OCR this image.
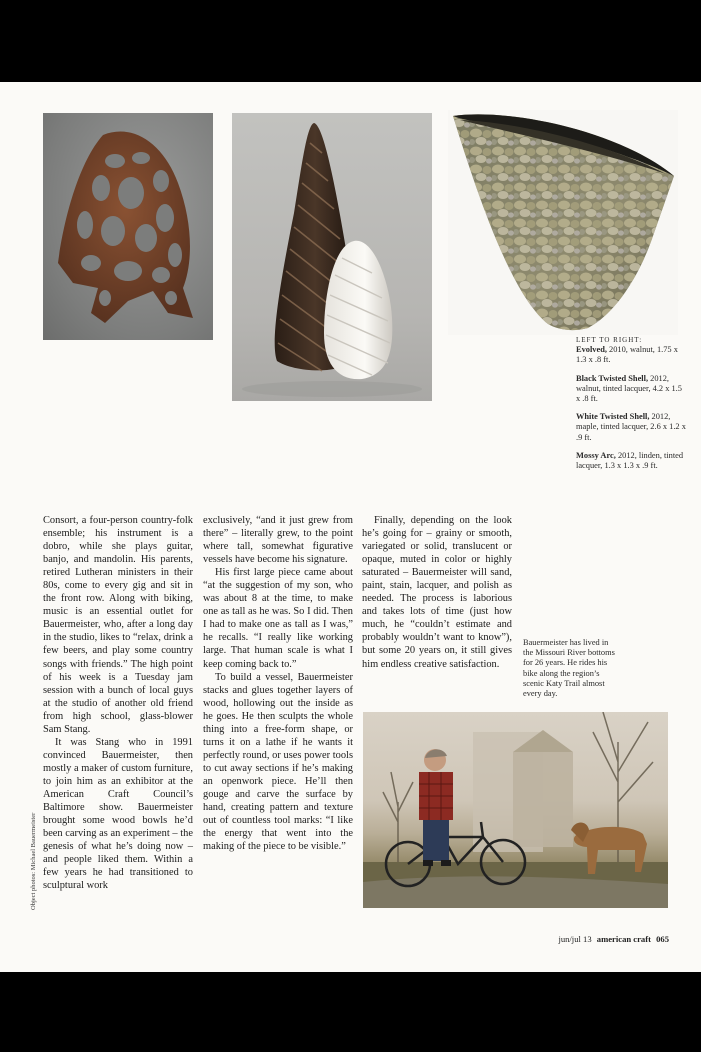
LEFT TO RIGHT:
Evolved, 2010, walnut, 1.75 x 1.3 x .8 ft.
Black Twisted Shell, 2012, walnut, tinted lacquer, 4.2 x 1.5 x .8 ft.
White Twisted Shell, 2012, maple, tinted lacquer, 2.6 x 1.2 x .9 ft.
Mossy Arc, 2012, linden, tinted lacquer, 1.3 x 1.3 x .9 ft.

Consort, a four-person country-folk ensemble; his instrument is a dobro, while she plays guitar, banjo, and mandolin. His parents, retired Lutheran ministers in their 80s, come to every gig and sit in the front row. Along with biking, music is an essential outlet for Bauermeister, who, after a long day in the studio, likes to “relax, drink a few beers, and play some country songs with friends.” The high point of his week is a Tuesday jam session with a bunch of local guys at the studio of another old friend from high school, glass-blower Sam Stang.

It was Stang who in 1991 convinced Bauermeister, then mostly a maker of custom furniture, to join him as an exhibitor at the American Craft Council’s Baltimore show. Bauermeister brought some wood bowls he’d been carving as an experiment – the genesis of what he’s doing now – and people liked them. Within a few years he had transitioned to sculptural work

exclusively, “and it just grew from there” – literally grew, to the point where tall, somewhat figurative vessels have become his signature.

His first large piece came about “at the suggestion of my son, who was about 8 at the time, to make one as tall as he was. So I did. Then I had to make one as tall as I was,” he recalls. “I really like working large. That human scale is what I keep coming back to.”

To build a vessel, Bauermeister stacks and glues together layers of wood, hollowing out the inside as he goes. He then sculpts the whole thing into a free-form shape, or turns it on a lathe if he wants it perfectly round, or uses power tools to cut away sections if he’s making an openwork piece. He’ll then gouge and carve the surface by hand, creating pattern and texture out of countless tool marks: “I like the energy that went into the making of the piece to be visible.”

Finally, depending on the look he’s going for – grainy or smooth, variegated or solid, translucent or opaque, muted in color or highly saturated – Bauermeister will sand, paint, stain, lacquer, and polish as needed. The process is laborious and takes lots of time (just how much, he “couldn’t estimate and probably wouldn’t want to know”), but some 20 years on, it still gives him endless creative satisfaction.

Bauermeister has lived in the Missouri River bottoms for 26 years. He rides his bike along the region’s scenic Katy Trail almost every day.
Object photos: Michael Bauermeister
jun/jul 13 american craft 065
